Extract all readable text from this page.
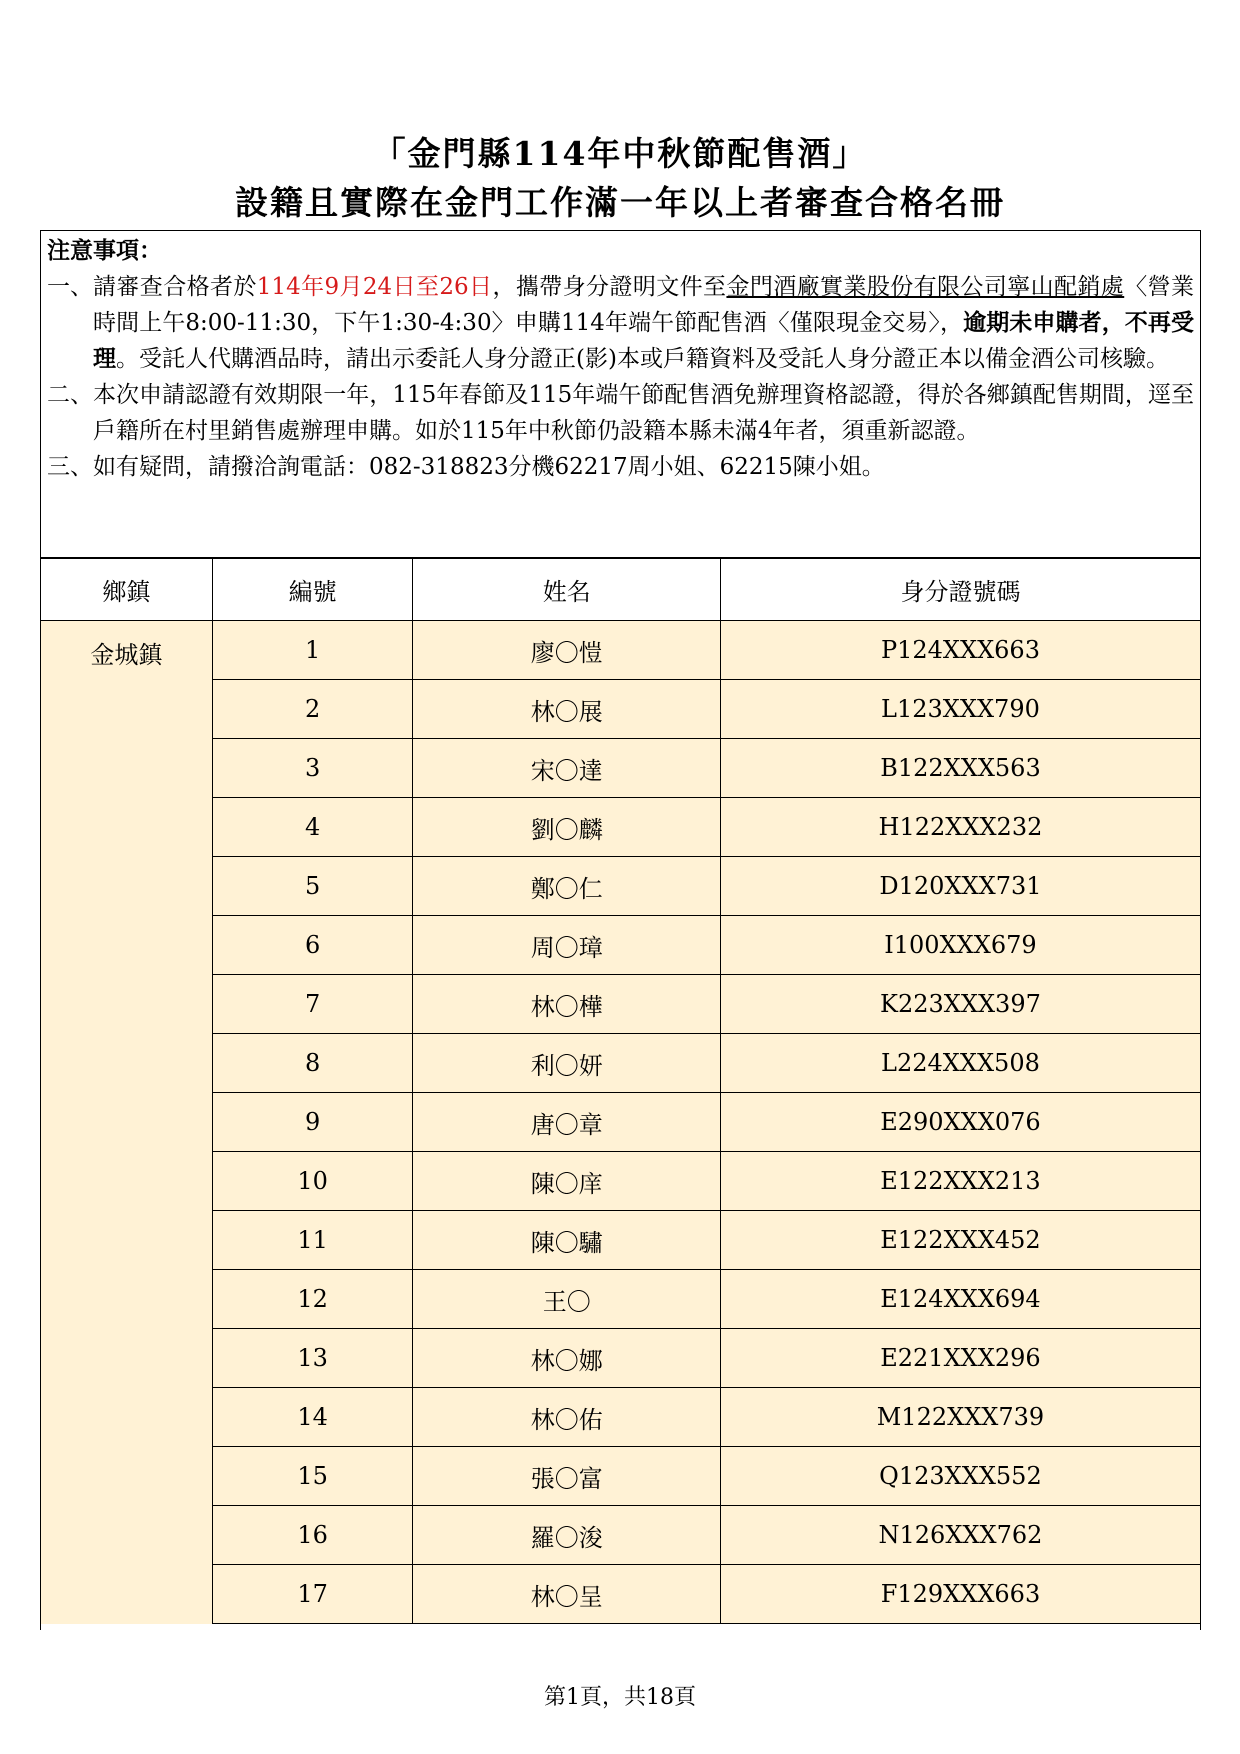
「金門縣114年中秋節配售酒」
設籍且實際在金門工作滿一年以上者審查合格名冊
注意事項：
一、 請審查合格者於114年9月24日至26日，攜帶身分證明文件至金門酒廠實業股份有限公司寧山配銷處〈營業時間上午8:00-11:30，下午1:30-4:30〉申購114年端午節配售酒〈僅限現金交易〉，逾期未申購者，不再受理。受託人代購酒品時，請出示委託人身分證正(影)本或戶籍資料及受託人身分證正本以備金酒公司核驗。
二、 本次申請認證有效期限一年，115年春節及115年端午節配售酒免辦理資格認證，得於各鄉鎮配售期間，逕至戶籍所在村里銷售處辦理申購。如於115年中秋節仍設籍本縣未滿4年者，須重新認證。
三、 如有疑問，請撥洽詢電話：082-318823分機62217周小姐、62215陳小姐。
鄉鎮	編號	姓名	身分證號碼
金城鎮	1	廖〇愷	P124XXX663
	2	林〇展	L123XXX790
	3	宋〇達	B122XXX563
	4	劉〇麟	H122XXX232
	5	鄭〇仁	D120XXX731
	6	周〇璋	I100XXX679
	7	林〇樺	K223XXX397
	8	利〇妍	L224XXX508
	9	唐〇章	E290XXX076
	10	陳〇庠	E122XXX213
	11	陳〇驌	E122XXX452
	12	王〇	E124XXX694
	13	林〇娜	E221XXX296
	14	林〇佑	M122XXX739
	15	張〇富	Q123XXX552
	16	羅〇浚	N126XXX762
	17	林〇呈	F129XXX663
第1頁，共18頁
